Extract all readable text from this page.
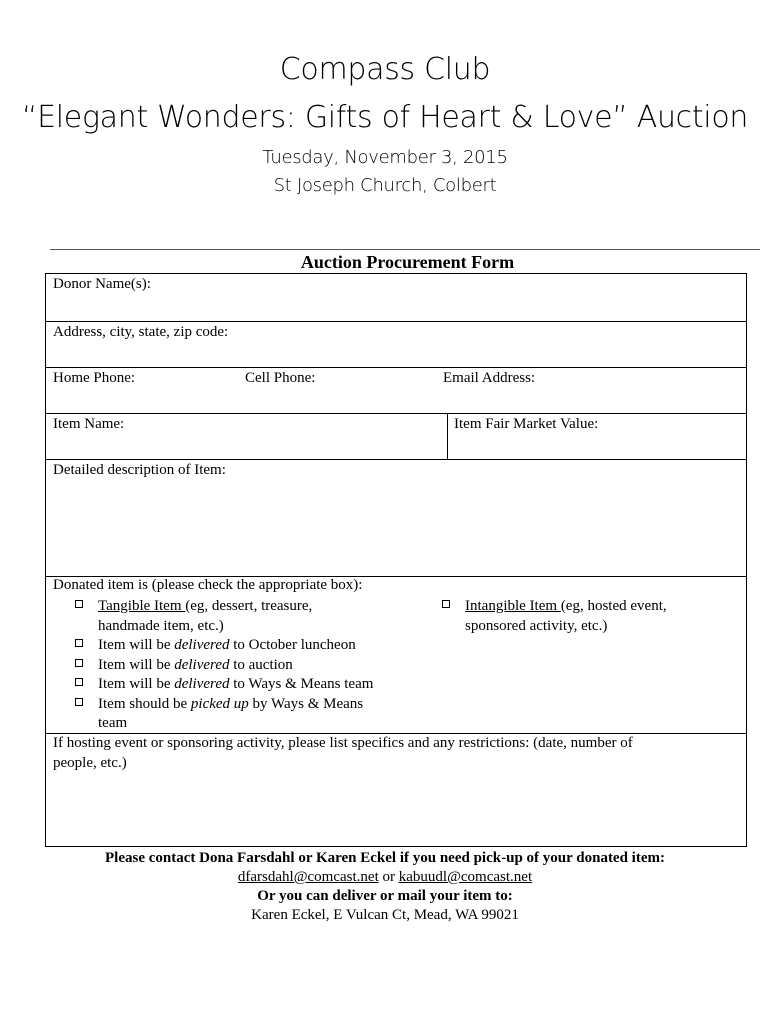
Compass Club
“Elegant Wonders: Gifts of Heart & Love” Auction
Tuesday, November 3, 2015
St Joseph Church, Colbert
Auction Procurement Form
Donor Name(s):
Address, city, state, zip code:
Home Phone:	Cell Phone:	Email Address:
Item Name:	Item Fair Market Value:
Detailed description of Item:
Donated item is (please check the appropriate box):
Tangible Item (eg, dessert, treasure,
handmade item, etc.)
Intangible Item (eg, hosted event,
sponsored activity, etc.)
Item will be delivered to October luncheon
Item will be delivered to auction
Item will be delivered to Ways & Means team
Item should be picked up by Ways & Means
team
If hosting event or sponsoring activity, please list specifics and any restrictions: (date, number of
people, etc.)
Please contact Dona Farsdahl or Karen Eckel if you need pick-up of your donated item:
dfarsdahl@comcast.net or kabuudl@comcast.net
Or you can deliver or mail your item to:
Karen Eckel, E Vulcan Ct, Mead, WA 99021
